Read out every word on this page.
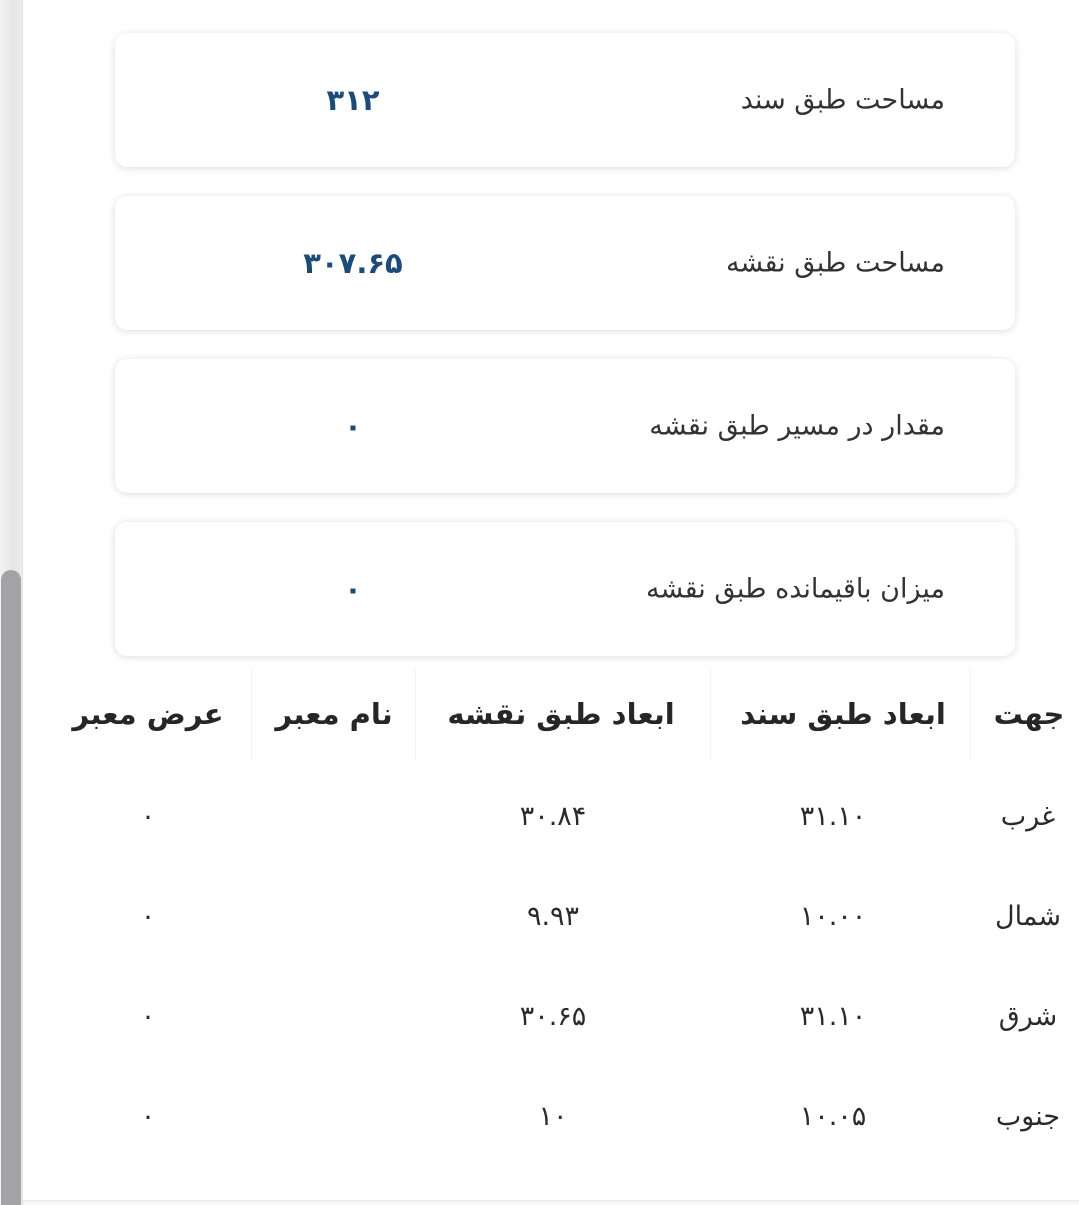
مساحت طبق سند
۳۱۲
مساحت طبق نقشه
۳۰۷.۶۵
مقدار در مسیر طبق نقشه
۰
میزان باقیمانده طبق نقشه
۰
جهت
ابعاد طبق سند
ابعاد طبق نقشه
نام معبر
عرض معبر
غرب
۳۱.۱۰
۳۰.۸۴
۰
شمال
۱۰.۰۰
۹.۹۳
۰
شرق
۳۱.۱۰
۳۰.۶۵
۰
جنوب
۱۰.۰۵
۱۰
۰
